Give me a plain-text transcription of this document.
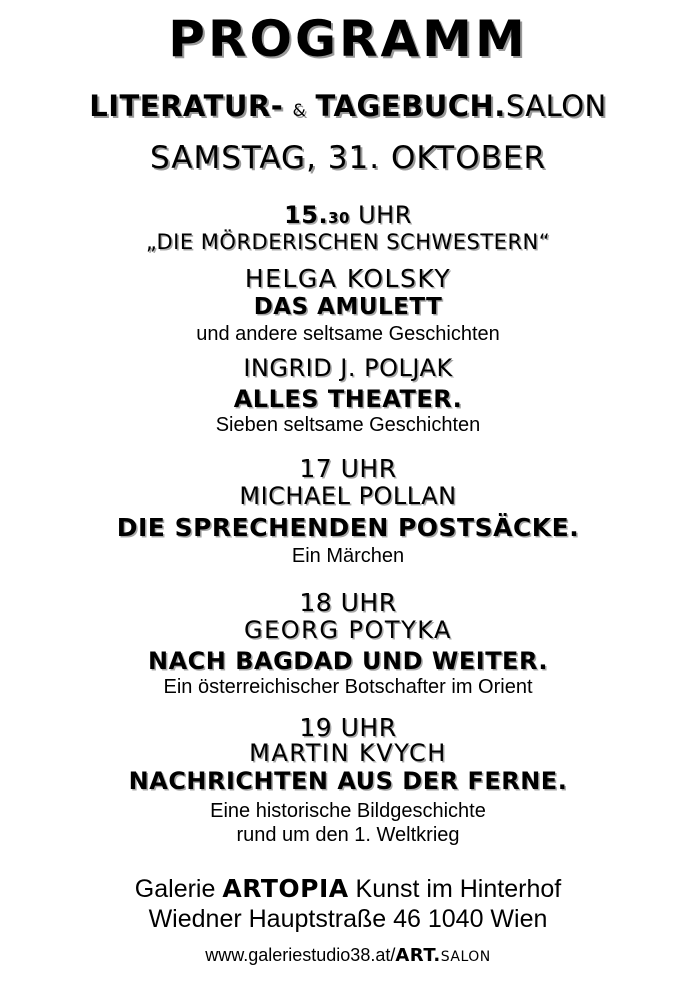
PROGRAMM
LITERATUR- & TAGEBUCH.SALON
SAMSTAG, 31. OKTOBER
15.30 UHR
„DIE MÖRDERISCHEN SCHWESTERN“
HELGA KOLSKY
DAS AMULETT
und andere seltsame Geschichten
INGRID J. POLJAK
ALLES THEATER.
Sieben seltsame Geschichten
17 UHR
MICHAEL POLLAN
DIE SPRECHENDEN POSTSÄCKE.
Ein Märchen
18 UHR
GEORG POTYKA
NACH BAGDAD UND WEITER.
Ein österreichischer Botschafter im Orient
19 UHR
MARTIN KVYCH
NACHRICHTEN AUS DER FERNE.
Eine historische Bildgeschichte
rund um den 1. Weltkrieg
Galerie ARTOPIA Kunst im Hinterhof
Wiedner Hauptstraße 46 1040 Wien
www.galeriestudio38.at/ART.SALON
